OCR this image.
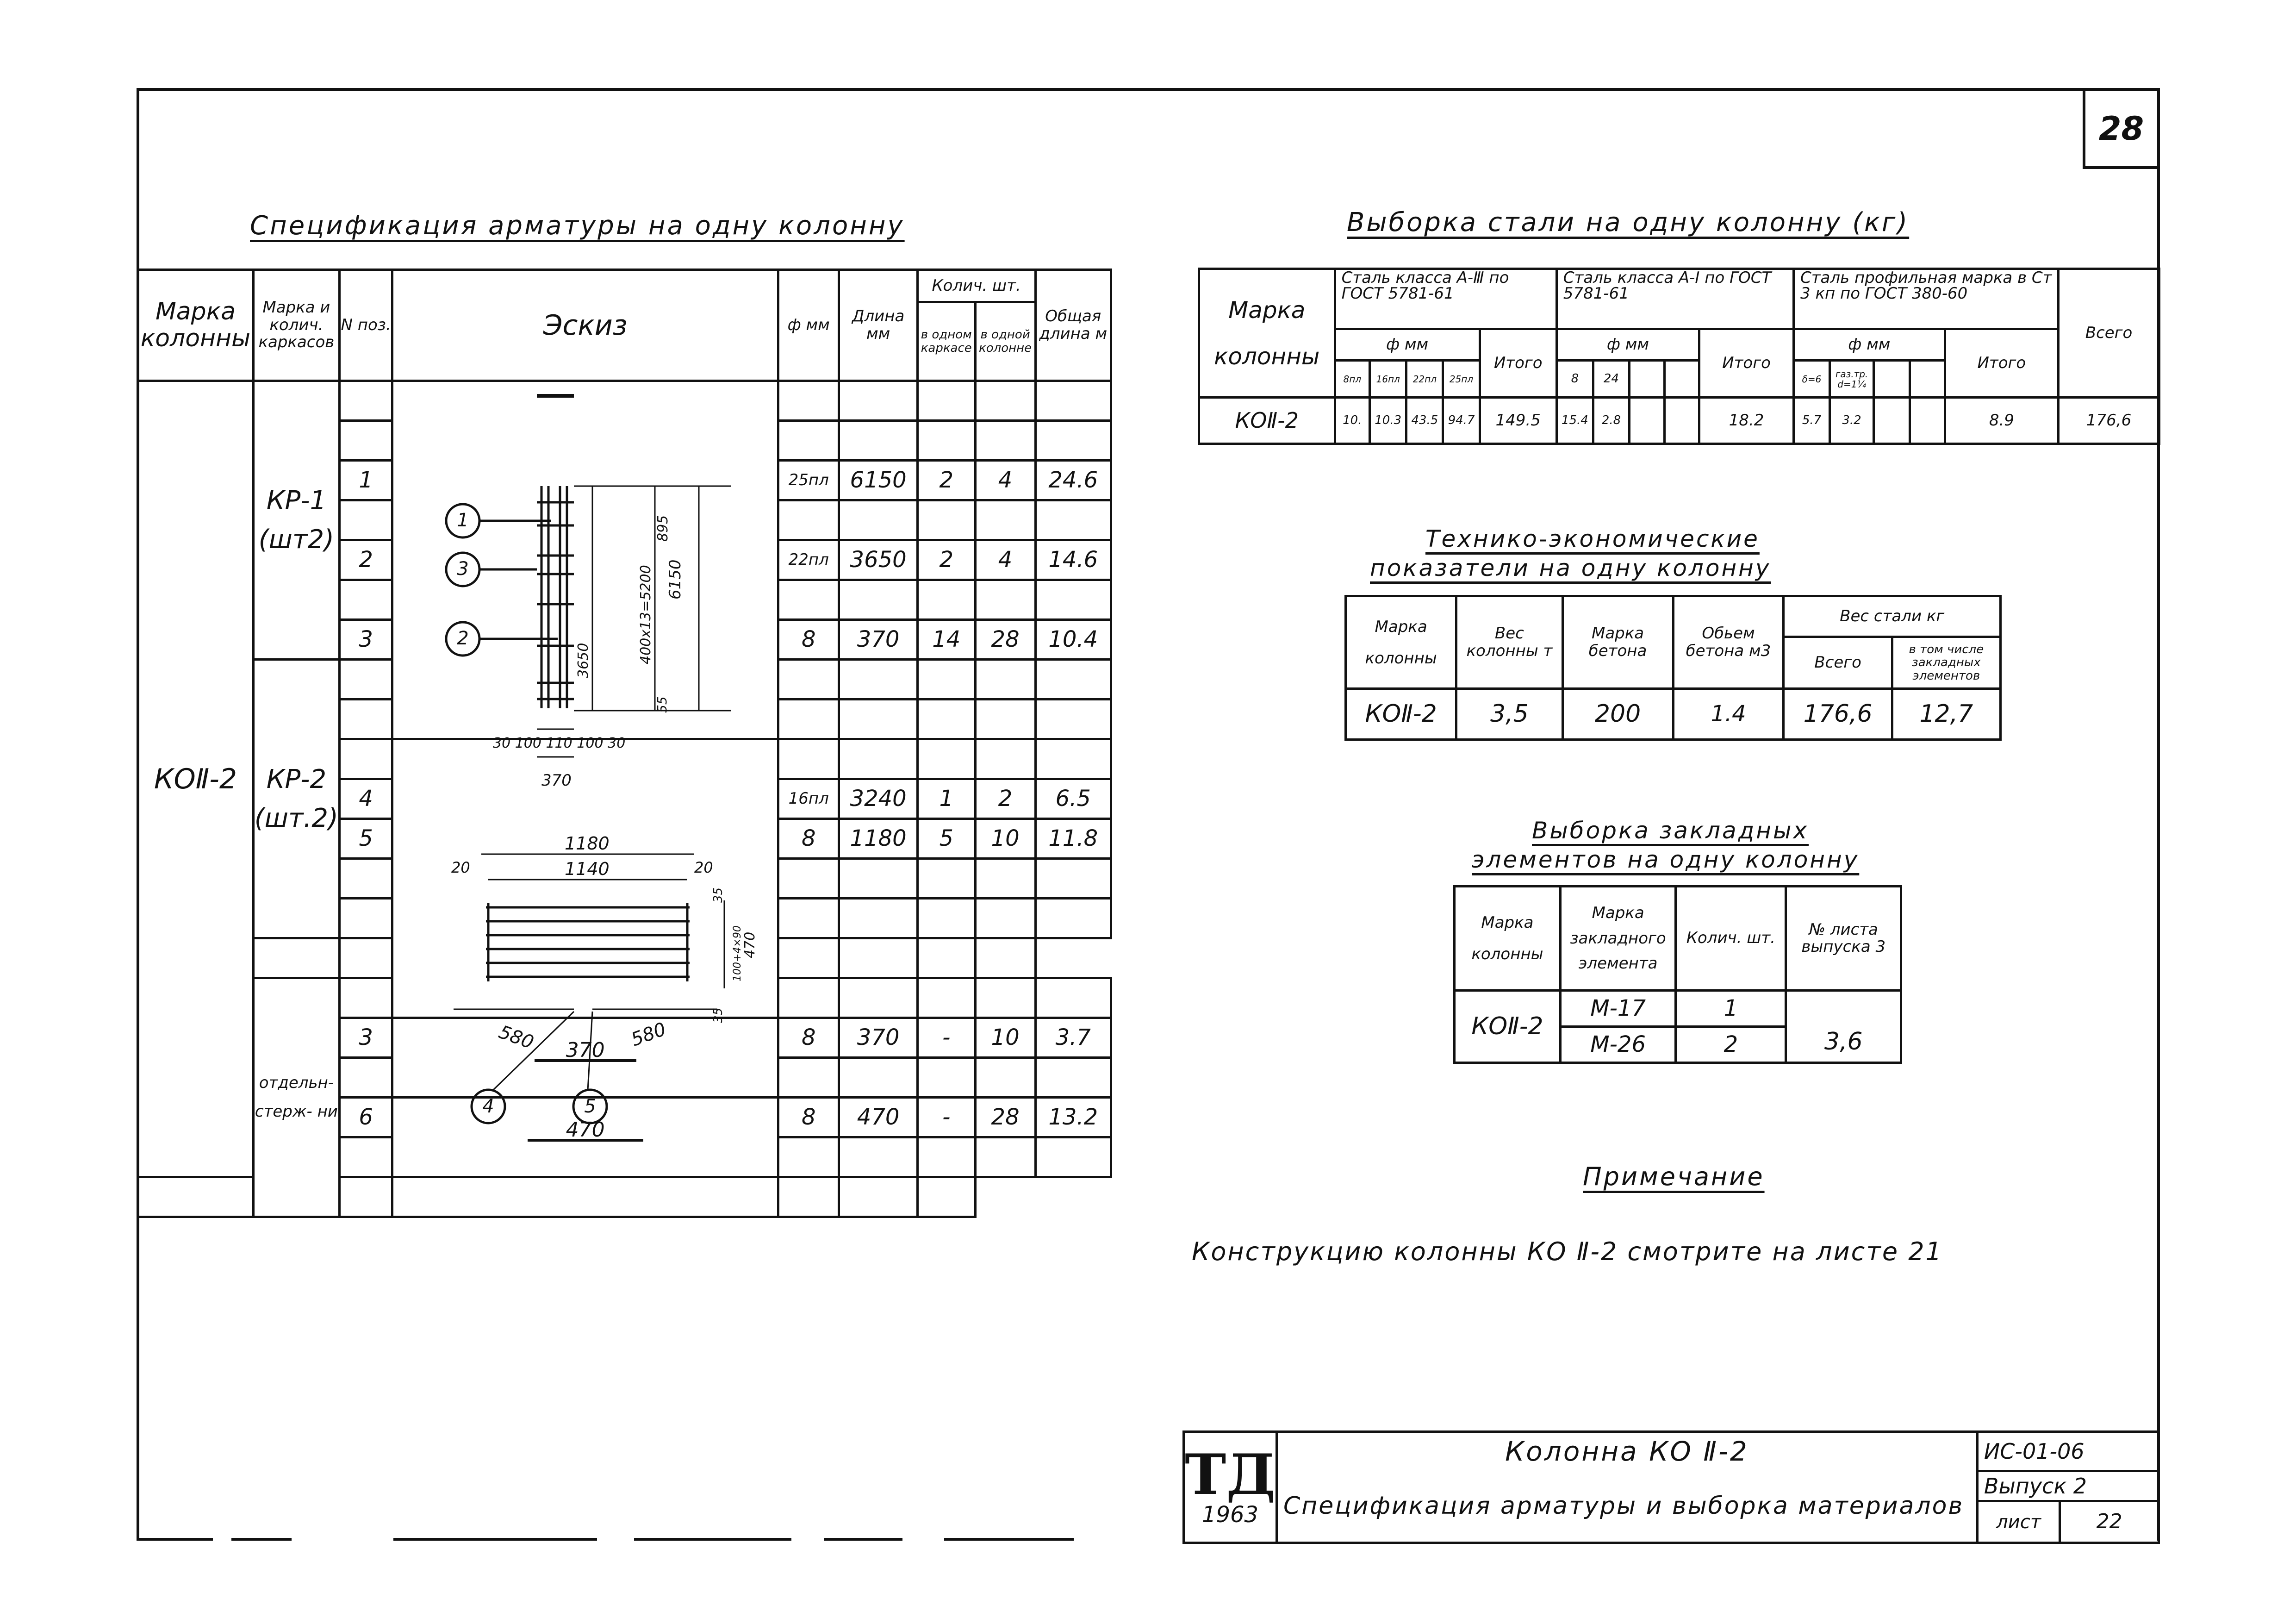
28
Спецификация арматуры на одну колонну
Марка колонны	Марка и колич. каркасов	N поз.	Эскиз	ф мм	Длина мм	Колич. шт.		Общая длина м
						в одном каркасе	в одной колонне	
КОⅡ-2	КР-1
(шт2)							

		1		25пл	6150	2	4	24.6

		2		22пл	3650	2	4	14.6

		3		8	370	14	28	10.4
	КР-2
(шт.2)							

		4		16пл	3240	1	2	6.5
		5		8	1180	5	10	11.8

	отдельн- стерж- ни							
		3	370	8	370	-	10	3.7

		6	470	8	470	-	28	13.2

1
3
2
6150
895
400х13=5200
3650
55
30 100 110 100 30
370
1180
1140
20	20
470
100+4×90
35
35
580	580
4	5
Выборка стали на одну колонну (кг)
Марка колонны	Сталь класса А-Ⅲ по ГОСТ 5781-61					Сталь класса А-I по ГОСТ 5781-61					Сталь профильная марка в Ст 3 кп по ГОСТ 380-60					Всего
	ф мм				Итого	ф мм				Итого	ф мм				Итого	
	8пл	16пл	22пл	25пл		8	24				δ=6	газ.тр. d=1¼				
КОⅡ-2	10.	10.3	43.5	94.7	149.5	15.4	2.8			18.2	5.7	3.2			8.9	176,6
Технико-экономические
показатели на одну колонну
Марка колонны	Вес колонны т	Марка бетона	Обьем бетона м3	Вес стали кг	
				Всего	в том числе закладных элементов
КОⅡ-2	3,5	200	1.4	176,6	12,7
Выборка закладных
элементов на одну колонну
Марка колонны	Марка закладного элемента	Колич. шт.	№ листа выпуска 3
КОⅡ-2	М-17	1	3,6
	М-26	2	
Примечание
Конструкцию колонны КО Ⅱ-2 смотрите на листе 21
ТД
1963	Колонна КО Ⅱ-2	ИС-01-06	
	Спецификация арматуры и выборка материалов	Выпуск 2	
		лист	22
